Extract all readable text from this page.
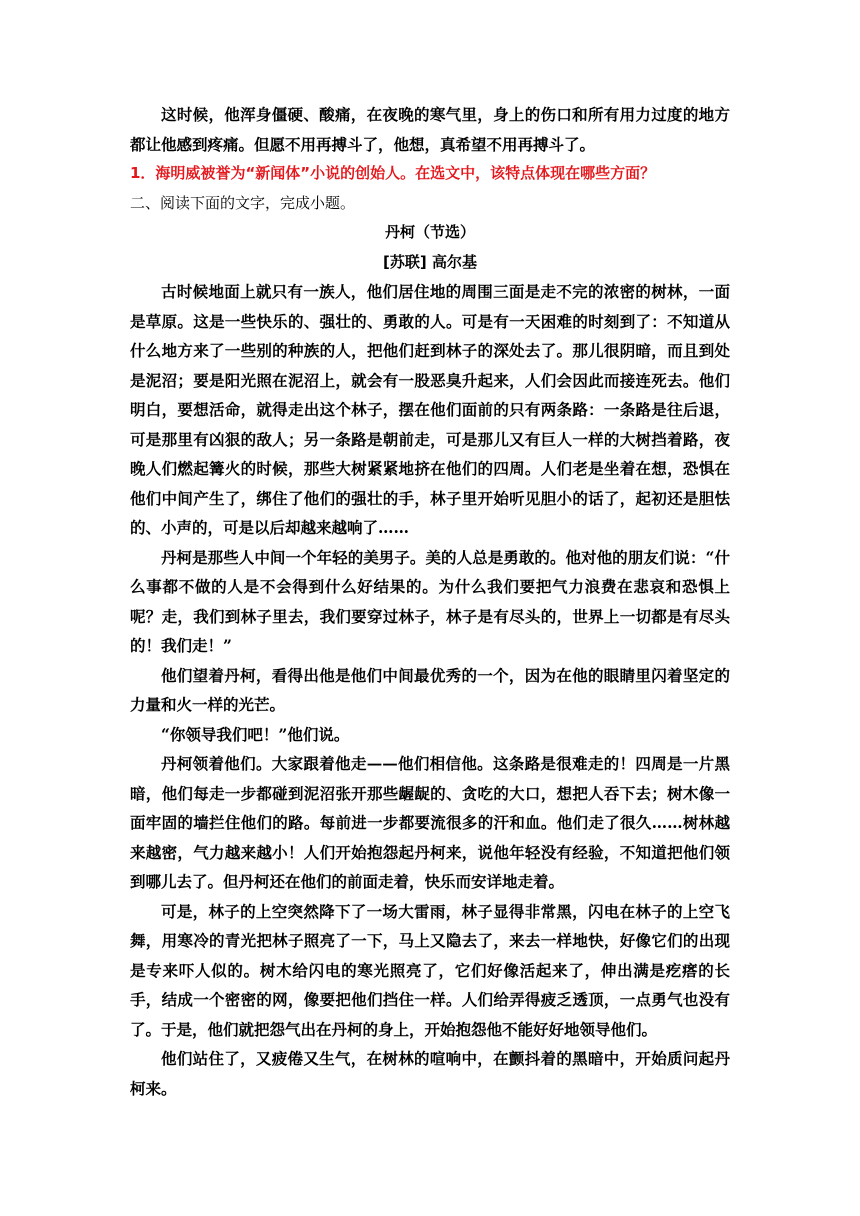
这时候，他浑身僵硬、酸痛，在夜晚的寒气里，身上的伤口和所有用力过度的地方都让他感到疼痛。但愿不用再搏斗了，他想，真希望不用再搏斗了。

1．海明威被誉为“新闻体”小说的创始人。在选文中，该特点体现在哪些方面？

二、阅读下面的文字，完成小题。

丹柯（节选）

[苏联] 高尔基

古时候地面上就只有一族人，他们居住地的周围三面是走不完的浓密的树林，一面是草原。这是一些快乐的、强壮的、勇敢的人。可是有一天困难的时刻到了：不知道从什么地方来了一些别的种族的人，把他们赶到林子的深处去了。那儿很阴暗，而且到处是泥沼；要是阳光照在泥沼上，就会有一股恶臭升起来，人们会因此而接连死去。他们明白，要想活命，就得走出这个林子，摆在他们面前的只有两条路：一条路是往后退，可是那里有凶狠的敌人；另一条路是朝前走，可是那儿又有巨人一样的大树挡着路，夜晚人们燃起篝火的时候，那些大树紧紧地挤在他们的四周。人们老是坐着在想，恐惧在他们中间产生了，绑住了他们的强壮的手，林子里开始听见胆小的话了，起初还是胆怯的、小声的，可是以后却越来越响了……

丹柯是那些人中间一个年轻的美男子。美的人总是勇敢的。他对他的朋友们说：“什么事都不做的人是不会得到什么好结果的。为什么我们要把气力浪费在悲哀和恐惧上呢？走，我们到林子里去，我们要穿过林子，林子是有尽头的，世界上一切都是有尽头的！我们走！”

他们望着丹柯，看得出他是他们中间最优秀的一个，因为在他的眼睛里闪着坚定的力量和火一样的光芒。

“你领导我们吧！”他们说。

丹柯领着他们。大家跟着他走——他们相信他。这条路是很难走的！四周是一片黑暗，他们每走一步都碰到泥沼张开那些龌龊的、贪吃的大口，想把人吞下去；树木像一面牢固的墙拦住他们的路。每前进一步都要流很多的汗和血。他们走了很久……树林越来越密，气力越来越小！人们开始抱怨起丹柯来，说他年轻没有经验，不知道把他们领到哪儿去了。但丹柯还在他们的前面走着，快乐而安详地走着。

可是，林子的上空突然降下了一场大雷雨，林子显得非常黑，闪电在林子的上空飞舞，用寒冷的青光把林子照亮了一下，马上又隐去了，来去一样地快，好像它们的出现是专来吓人似的。树木给闪电的寒光照亮了，它们好像活起来了，伸出满是疙瘩的长手，结成一个密密的网，像要把他们挡住一样。人们给弄得疲乏透顶，一点勇气也没有了。于是，他们就把怨气出在丹柯的身上，开始抱怨他不能好好地领导他们。

他们站住了，又疲倦又生气，在树林的喧响中，在颤抖着的黑暗中，开始质问起丹柯来。
